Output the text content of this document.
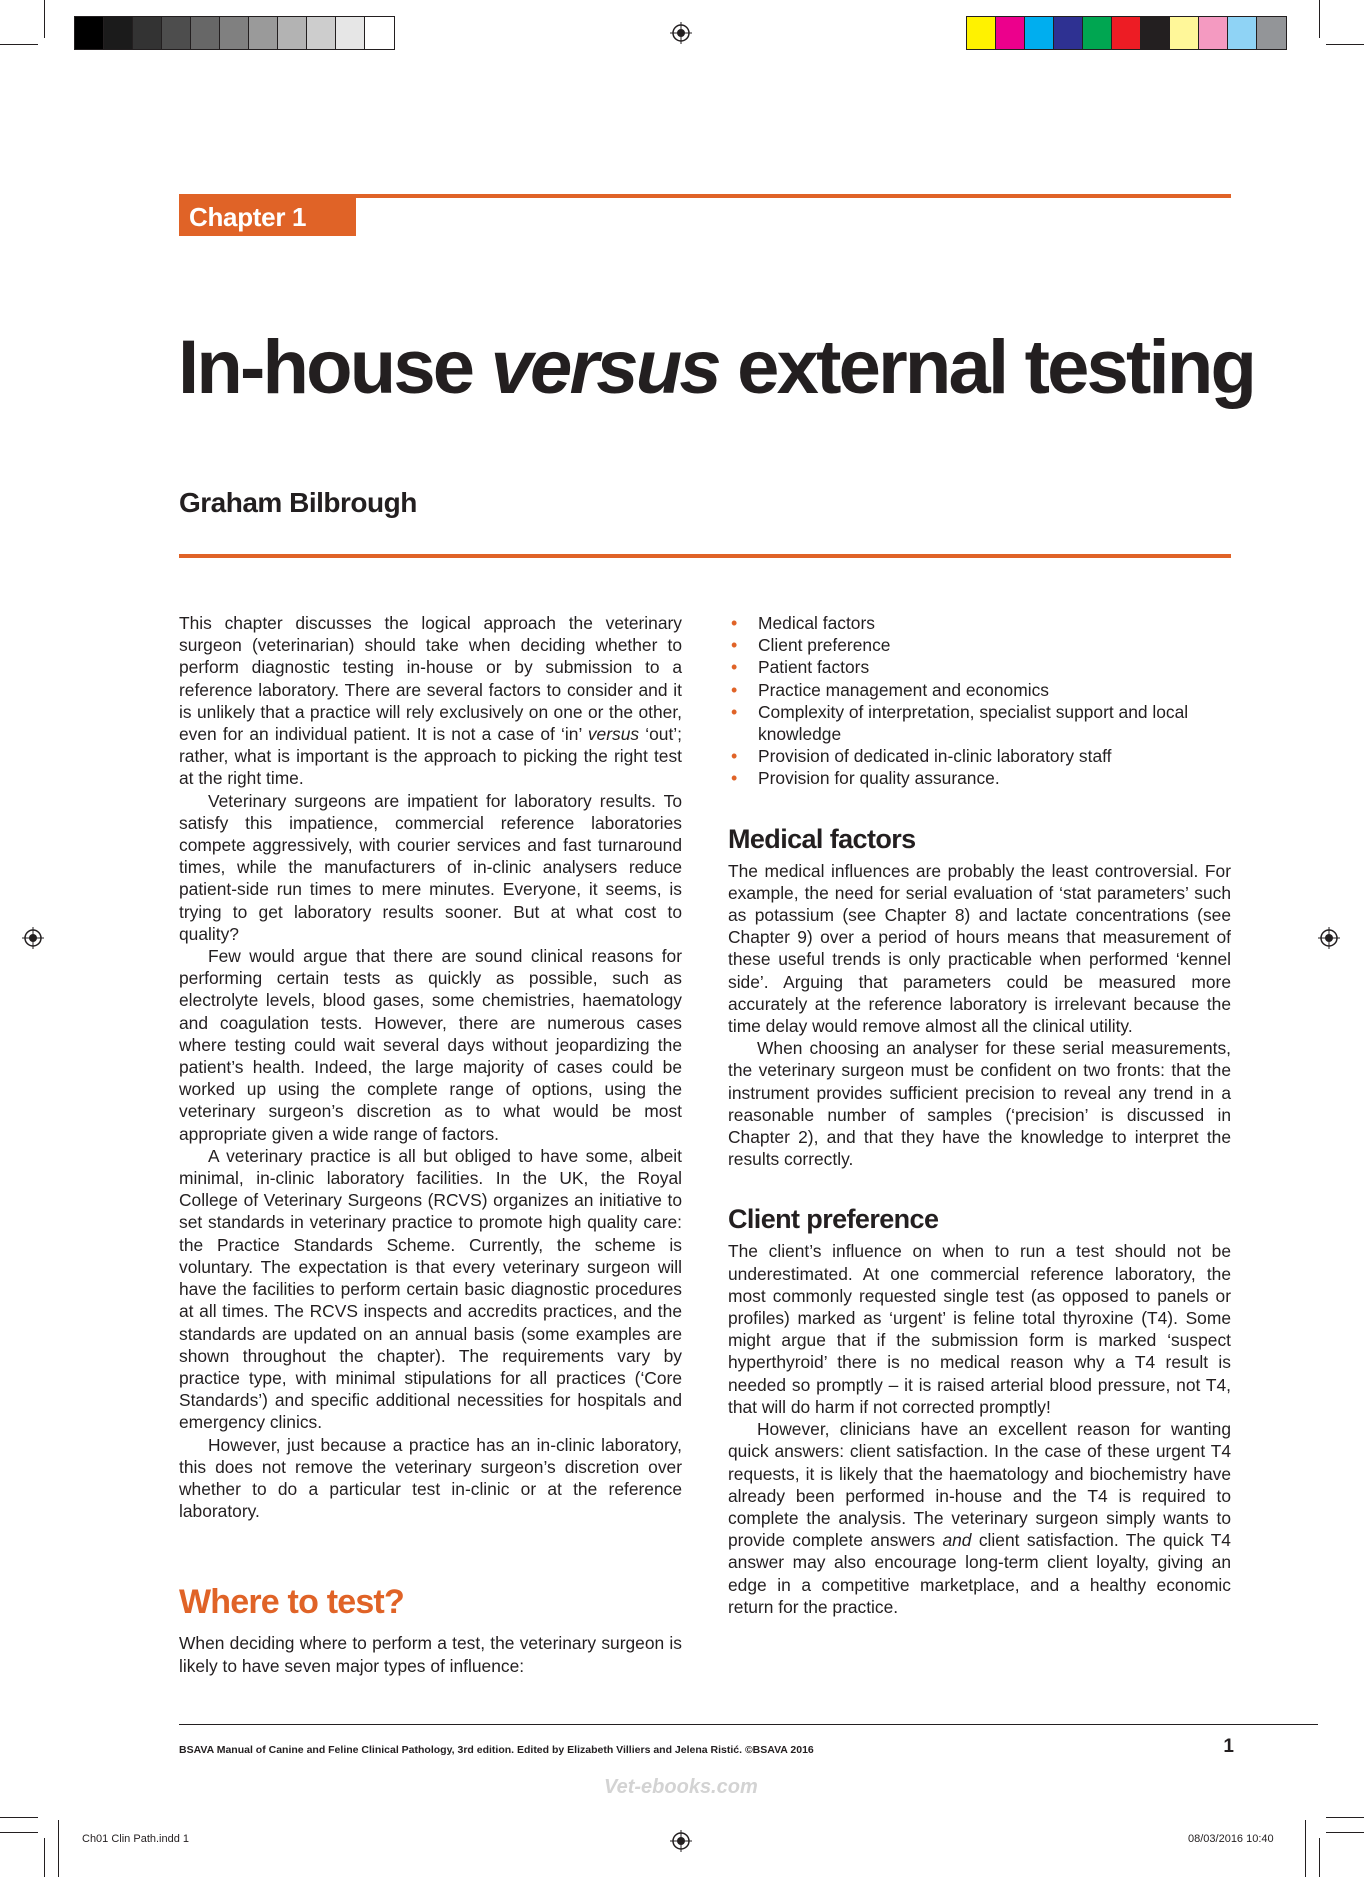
Chapter 1
In-house versus external testing
Graham Bilbrough

This chapter discusses the logical approach the veterinary surgeon (veterinarian) should take when deciding whether to perform diagnostic testing in-house or by submission to a reference laboratory. There are several factors to consider and it is unlikely that a practice will rely exclusively on one or the other, even for an individual patient. It is not a case of ‘in’ versus ‘out’; rather, what is important is the approach to picking the right test at the right time.

Veterinary surgeons are impatient for laboratory results. To satisfy this impatience, commercial reference laboratories compete aggressively, with courier services and fast turnaround times, while the manufacturers of in-clinic analysers reduce patient-side run times to mere minutes. Everyone, it seems, is trying to get laboratory results sooner. But at what cost to quality?

Few would argue that there are sound clinical reasons for performing certain tests as quickly as possible, such as electrolyte levels, blood gases, some chemistries, haematology and coagulation tests. However, there are numerous cases where testing could wait several days without jeopardizing the patient’s health. Indeed, the large majority of cases could be worked up using the complete range of options, using the veterinary surgeon’s discretion as to what would be most appropriate given a wide range of factors.

A veterinary practice is all but obliged to have some, albeit minimal, in-clinic laboratory facilities. In the UK, the Royal College of Veterinary Surgeons (RCVS) organizes an initiative to set standards in veterinary practice to promote high quality care: the Practice Standards Scheme. Currently, the scheme is voluntary. The expectation is that every veterinary surgeon will have the facilities to perform certain basic diagnostic procedures at all times. The RCVS inspects and accredits practices, and the standards are updated on an annual basis (some examples are shown throughout the chapter). The requirements vary by practice type, with minimal stipulations for all practices (‘Core Standards’) and specific additional necessities for hospitals and emergency clinics.

However, just because a practice has an in-clinic laboratory, this does not remove the veterinary surgeon’s discretion over whether to do a particular test in-clinic or at the reference laboratory.

Where to test?

When deciding where to perform a test, the veterinary surgeon is likely to have seven major types of influence:

• Medical factors
• Client preference
• Patient factors
• Practice management and economics
• Complexity of interpretation, specialist support and local knowledge
• Provision of dedicated in-clinic laboratory staff
• Provision for quality assurance.
Medical factors

The medical influences are probably the least controversial. For example, the need for serial evaluation of ‘stat parameters’ such as potassium (see Chapter 8) and lactate concentrations (see Chapter 9) over a period of hours means that measurement of these useful trends is only practicable when performed ‘kennel side’. Arguing that parameters could be measured more accurately at the reference laboratory is irrelevant because the time delay would remove almost all the clinical utility.

When choosing an analyser for these serial measurements, the veterinary surgeon must be confident on two fronts: that the instrument provides sufficient precision to reveal any trend in a reasonable number of samples (‘precision’ is discussed in Chapter 2), and that they have the knowledge to interpret the results correctly.

Client preference

The client’s influence on when to run a test should not be underestimated. At one commercial reference laboratory, the most commonly requested single test (as opposed to panels or profiles) marked as ‘urgent’ is feline total thyroxine (T4). Some might argue that if the submission form is marked ‘suspect hyperthyroid’ there is no medical reason why a T4 result is needed so promptly – it is raised arterial blood pressure, not T4, that will do harm if not corrected promptly!

However, clinicians have an excellent reason for wanting quick answers: client satisfaction. In the case of these urgent T4 requests, it is likely that the haematology and biochemistry have already been performed in-house and the T4 is required to complete the analysis. The veterinary surgeon simply wants to provide complete answers and client satisfaction. The quick T4 answer may also encourage long-term client loyalty, giving an edge in a competitive marketplace, and a healthy economic return for the practice.

BSAVA Manual of Canine and Feline Clinical Pathology, 3rd edition. Edited by Elizabeth Villiers and Jelena Ristić. ©BSAVA 2016	1
Vet-ebooks.com
Ch01 Clin Path.indd 1	08/03/2016 10:40
